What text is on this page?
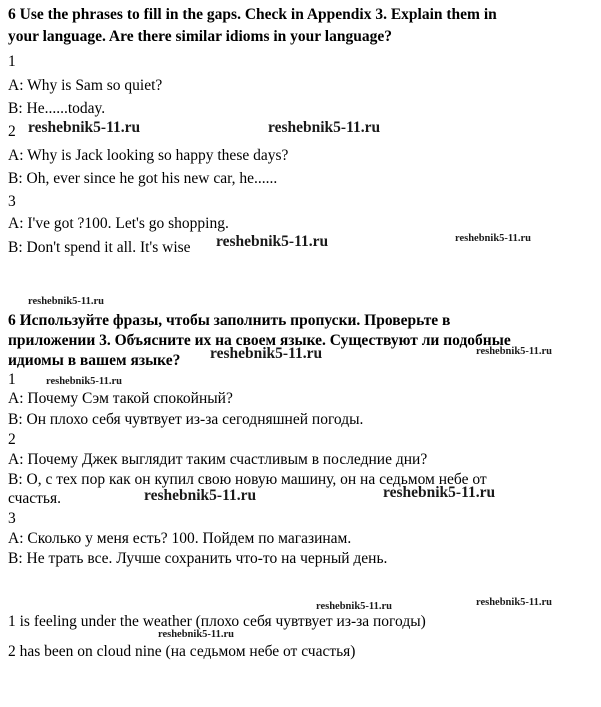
6 Use the phrases to fill in the gaps. Check in Appendix 3. Explain them in
your language. Are there similar idioms in your language?
1
A: Why is Sam so quiet?
B: He......today.
2
A: Why is Jack looking so happy these days?
B: Oh, ever since he got his new car, he......
3
A: I've got ?100. Let's go shopping.
B: Don't spend it all. It's wise
6 Используйте фразы, чтобы заполнить пропуски. Проверьте в
приложении 3. Объясните их на своем языке. Существуют ли подобные
идиомы в вашем языке?
1
А: Почему Сэм такой спокойный?
В: Он плохо себя чувтвует из-за сегодняшней погоды.
2
А: Почему Джек выглядит таким счастливым в последние дни?
В: О, с тех пор как он купил свою новую машину, он на седьмом небе от
счастья.
3
А: Сколько у меня есть? 100. Пойдем по магазинам.
В: Не трать все. Лучше сохранить что-то на черный день.
1 is feeling under the weather (плохо себя чувтвует из-за погоды)
2 has been on cloud nine (на седьмом небе от счастья)
reshebnik5-11.ru	reshebnik5-11.ru
reshebnik5-11.ru	reshebnik5-11.ru
reshebnik5-11.ru
reshebnik5-11.ru	reshebnik5-11.ru
reshebnik5-11.ru
reshebnik5-11.ru	reshebnik5-11.ru
reshebnik5-11.ru	reshebnik5-11.ru
reshebnik5-11.ru
